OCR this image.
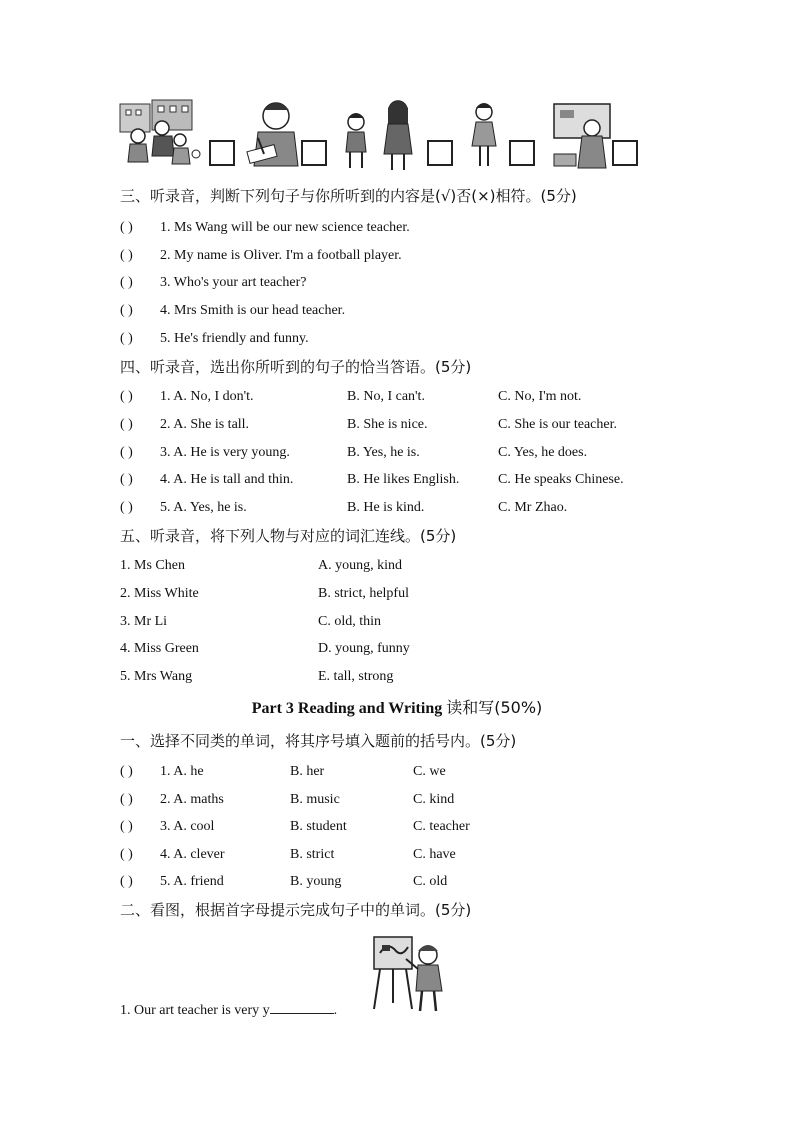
三、听录音，判断下列句子与你所听到的内容是(√)否(×)相符。(5分)
( ) 1. Ms Wang will be our new science teacher.
( ) 2. My name is Oliver. I'm a football player.
( ) 3. Who's your art teacher?
( ) 4. Mrs Smith is our head teacher.
( ) 5. He's friendly and funny.
四、听录音，选出你所听到的句子的恰当答语。(5分)
( ) 1. A. No, I don't.	B. No, I can't.	C. No, I'm not.
( ) 2. A. She is tall.	B. She is nice.	C. She is our teacher.
( ) 3. A. He is very young.	B. Yes, he is.	C. Yes, he does.
( ) 4. A. He is tall and thin.	B. He likes English.	C. He speaks Chinese.
( ) 5. A. Yes, he is.	B. He is kind.	C. Mr Zhao.
五、听录音，将下列人物与对应的词汇连线。(5分)
1. Ms Chen	A. young, kind
2. Miss White	B. strict, helpful
3. Mr Li	C. old, thin
4. Miss Green	D. young, funny
5. Mrs Wang	E. tall, strong
Part 3 Reading and Writing 读和写(50%)
一、选择不同类的单词，将其序号填入题前的括号内。(5分)
( ) 1. A. he	B. her	C. we
( ) 2. A. maths	B. music	C. kind
( ) 3. A. cool	B. student	C. teacher
( ) 4. A. clever	B. strict	C. have
( ) 5. A. friend	B. young	C. old
二、看图，根据首字母提示完成句子中的单词。(5分)
1. Our art teacher is very y	.
